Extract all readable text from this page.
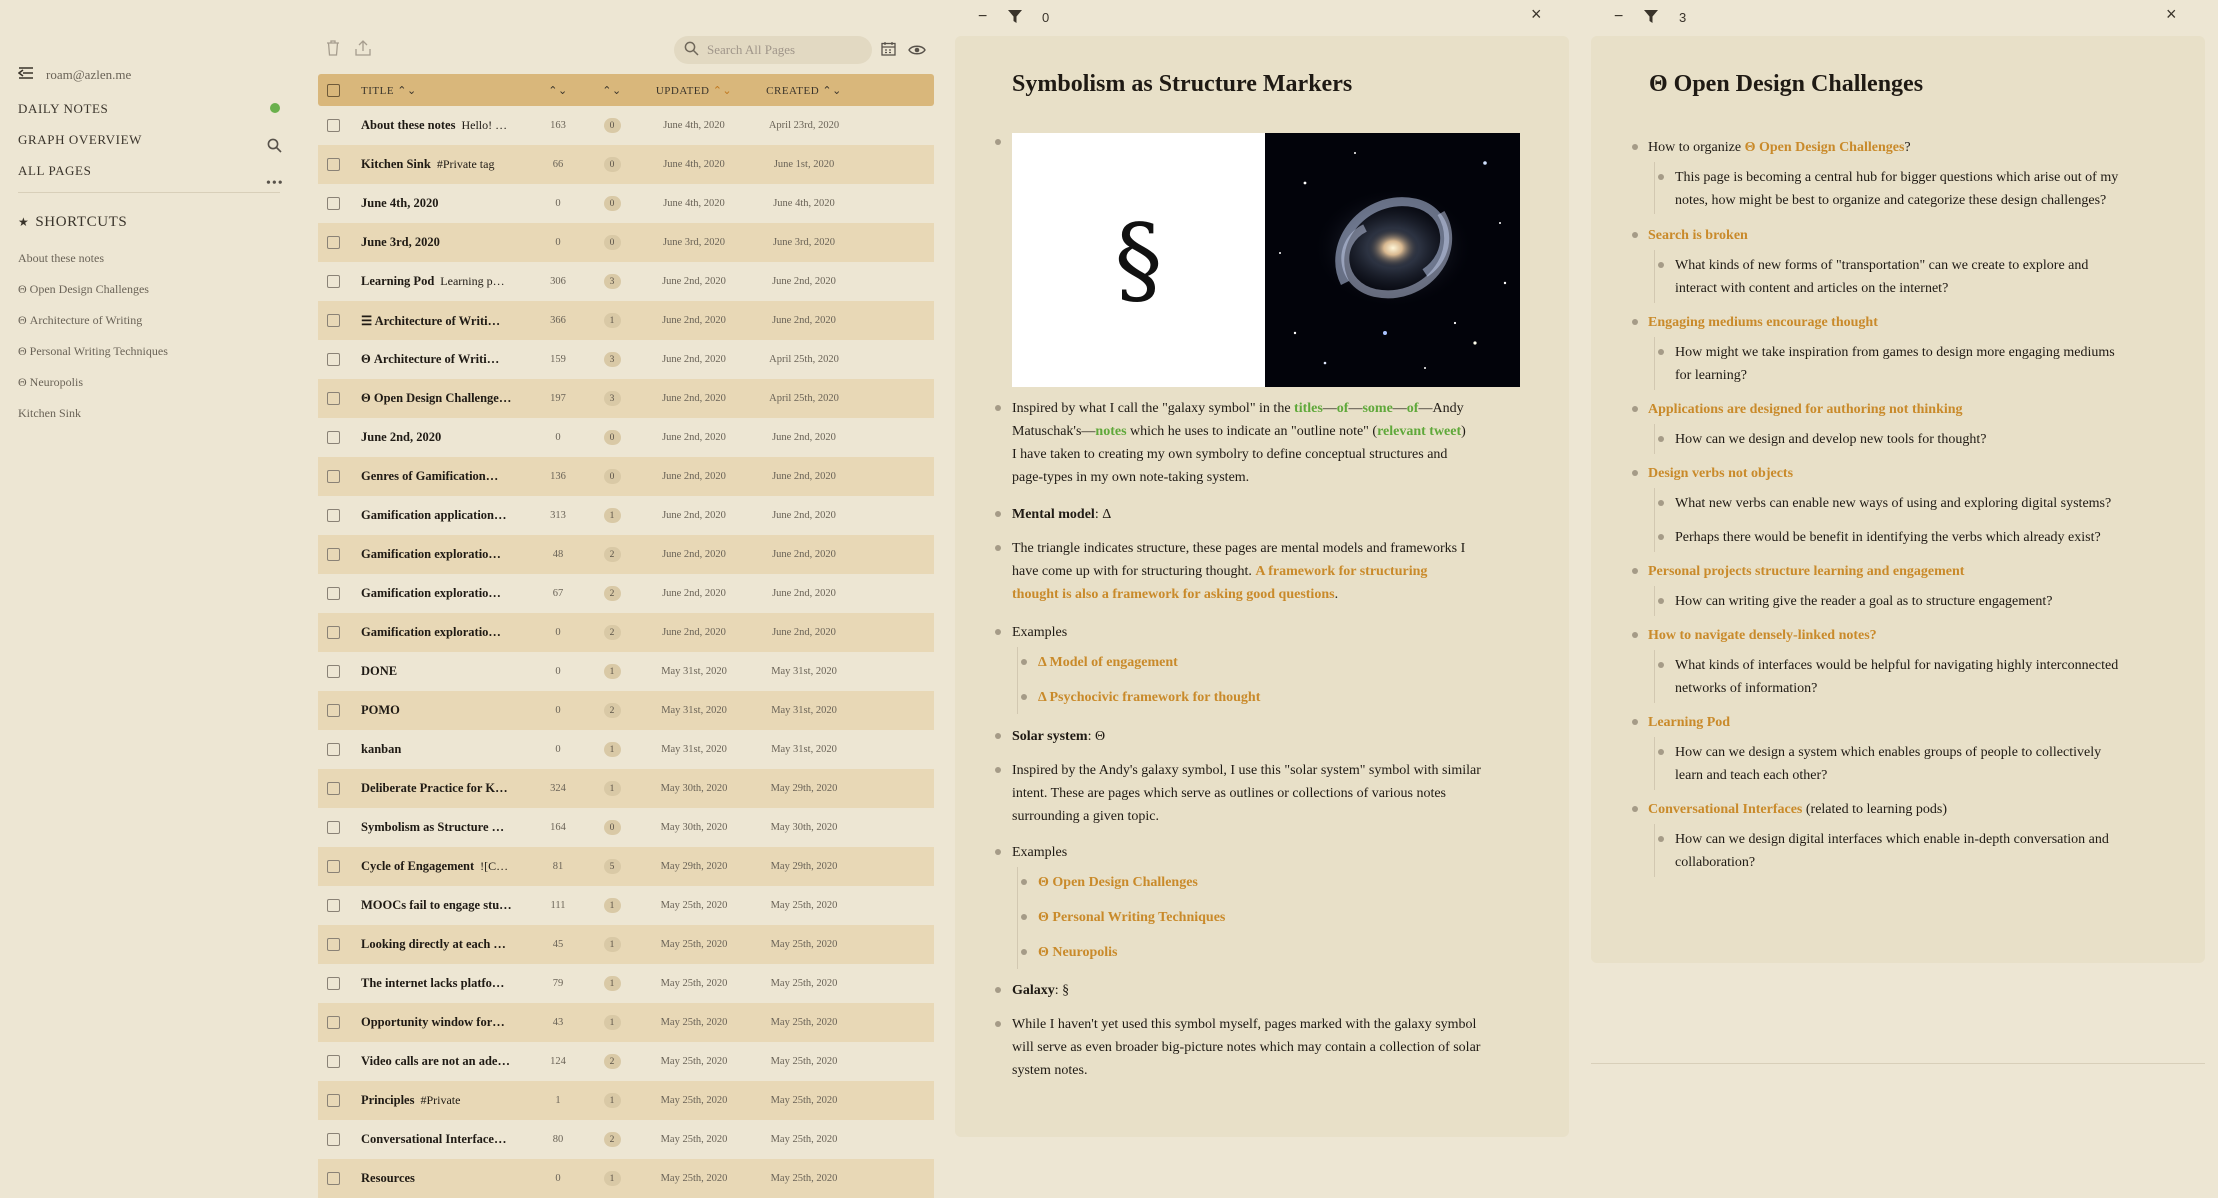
roam@azlen.me
DAILY NOTES
GRAPH OVERVIEW
ALL PAGES
•••
★ SHORTCUTS
About these notes
Θ Open Design Challenges
Θ Architecture of Writing
Θ Personal Writing Techniques
Θ Neuropolis
Kitchen Sink
Search All Pages
TITLE ⌃⌄	⌃⌄	⌃⌄	UPDATED ⌃⌄	CREATED ⌃⌄
About these notes Hello! …	163	0	June 4th, 2020	April 23rd, 2020
Kitchen Sink #Private tag	66	0	June 4th, 2020	June 1st, 2020
June 4th, 2020	0	0	June 4th, 2020	June 4th, 2020
June 3rd, 2020	0	0	June 3rd, 2020	June 3rd, 2020
Learning Pod Learning p…	306	3	June 2nd, 2020	June 2nd, 2020
☰ Architecture of Writi…	366	1	June 2nd, 2020	June 2nd, 2020
Θ Architecture of Writi…	159	3	June 2nd, 2020	April 25th, 2020
Θ Open Design Challenge…	197	3	June 2nd, 2020	April 25th, 2020
June 2nd, 2020	0	0	June 2nd, 2020	June 2nd, 2020
Genres of Gamification…	136	0	June 2nd, 2020	June 2nd, 2020
Gamification application…	313	1	June 2nd, 2020	June 2nd, 2020
Gamification exploratio…	48	2	June 2nd, 2020	June 2nd, 2020
Gamification exploratio…	67	2	June 2nd, 2020	June 2nd, 2020
Gamification exploratio…	0	2	June 2nd, 2020	June 2nd, 2020
DONE	0	1	May 31st, 2020	May 31st, 2020
POMO	0	2	May 31st, 2020	May 31st, 2020
kanban	0	1	May 31st, 2020	May 31st, 2020
Deliberate Practice for K…	324	1	May 30th, 2020	May 29th, 2020
Symbolism as Structure …	164	0	May 30th, 2020	May 30th, 2020
Cycle of Engagement ![C…	81	5	May 29th, 2020	May 29th, 2020
MOOCs fail to engage stu…	111	1	May 25th, 2020	May 25th, 2020
Looking directly at each …	45	1	May 25th, 2020	May 25th, 2020
The internet lacks platfo…	79	1	May 25th, 2020	May 25th, 2020
Opportunity window for…	43	1	May 25th, 2020	May 25th, 2020
Video calls are not an ade…	124	2	May 25th, 2020	May 25th, 2020
Principles #Private	1	1	May 25th, 2020	May 25th, 2020
Conversational Interface…	80	2	May 25th, 2020	May 25th, 2020
Resources	0	1	May 25th, 2020	May 25th, 2020
−	0	×
Symbolism as Structure Markers
§
Inspired by what I call the "galaxy symbol" in the titles—of—some—of—Andy
Matuschak's—notes which he uses to indicate an "outline note" (relevant tweet)
I have taken to creating my own symbolry to define conceptual structures and
page-types in my own note-taking system.
Mental model: Δ
The triangle indicates structure, these pages are mental models and frameworks I
have come up with for structuring thought. A framework for structuring
thought is also a framework for asking good questions.
Examples
Δ Model of engagement
Δ Psychocivic framework for thought
Solar system: Θ
Inspired by the Andy's galaxy symbol, I use this "solar system" symbol with similar
intent. These are pages which serve as outlines or collections of various notes
surrounding a given topic.
Examples
Θ Open Design Challenges
Θ Personal Writing Techniques
Θ Neuropolis
Galaxy: §
While I haven't yet used this symbol myself, pages marked with the galaxy symbol
will serve as even broader big-picture notes which may contain a collection of solar
system notes.
−	3	×
Θ Open Design Challenges
How to organize Θ Open Design Challenges?
This page is becoming a central hub for bigger questions which arise out of my
notes, how might be best to organize and categorize these design challenges?
Search is broken
What kinds of new forms of "transportation" can we create to explore and
interact with content and articles on the internet?
Engaging mediums encourage thought
How might we take inspiration from games to design more engaging mediums
for learning?
Applications are designed for authoring not thinking
How can we design and develop new tools for thought?
Design verbs not objects
What new verbs can enable new ways of using and exploring digital systems?
Perhaps there would be benefit in identifying the verbs which already exist?
Personal projects structure learning and engagement
How can writing give the reader a goal as to structure engagement?
How to navigate densely-linked notes?
What kinds of interfaces would be helpful for navigating highly interconnected
networks of information?
Learning Pod
How can we design a system which enables groups of people to collectively
learn and teach each other?
Conversational Interfaces (related to learning pods)
How can we design digital interfaces which enable in-depth conversation and
collaboration?
